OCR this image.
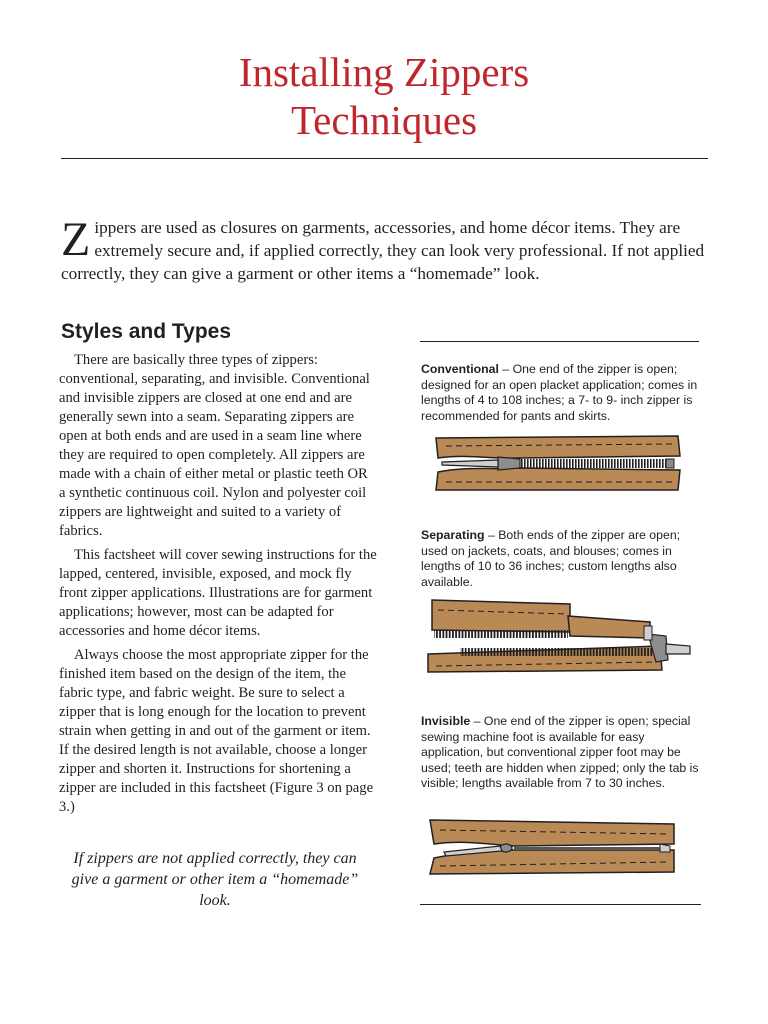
Installing Zippers
Techniques
Z ippers are used as closures on garments, accessories, and home décor items. They are extremely secure and, if applied correctly, they can look very professional. If not applied correctly, they can give a garment or other items a “homemade” look.
Styles and Types

There are basically three types of zippers: conventional, separating, and invisible. Conventional and invisible zippers are closed at one end and are generally sewn into a seam. Separating zippers are open at both ends and are used in a seam line where they are required to open completely. All zippers are made with a chain of either metal or plastic teeth OR a synthetic continuous coil. Nylon and polyester coil zippers are lightweight and suited to a variety of fabrics.

This factsheet will cover sewing instructions for the lapped, centered, invisible, exposed, and mock fly front zipper applications. Illustrations are for garment applications; however, most can be adapted for accessories and home décor items.

Always choose the most appropriate zipper for the finished item based on the design of the item, the fabric type, and fabric weight. Be sure to select a zipper that is long enough for the location to prevent strain when getting in and out of the garment or item. If the desired length is not available, choose a longer zipper and shorten it. Instructions for shortening a zipper are included in this factsheet (Figure 3 on page 3.)

If zippers are not applied correctly, they can give a garment or other item a “homemade” look.
Conventional – One end of the zipper is open; designed for an open placket application; comes in lengths of 4 to 108 inches; a 7- to 9- inch zipper is recommended for pants and skirts.
Separating – Both ends of the zipper are open; used on jackets, coats, and blouses; comes in lengths of 10 to 36 inches; custom lengths also available.
Invisible – One end of the zipper is open; special sewing machine foot is available for easy application, but conventional zipper foot may be used; teeth are hidden when zipped; only the tab is visible; lengths available from 7 to 30 inches.
